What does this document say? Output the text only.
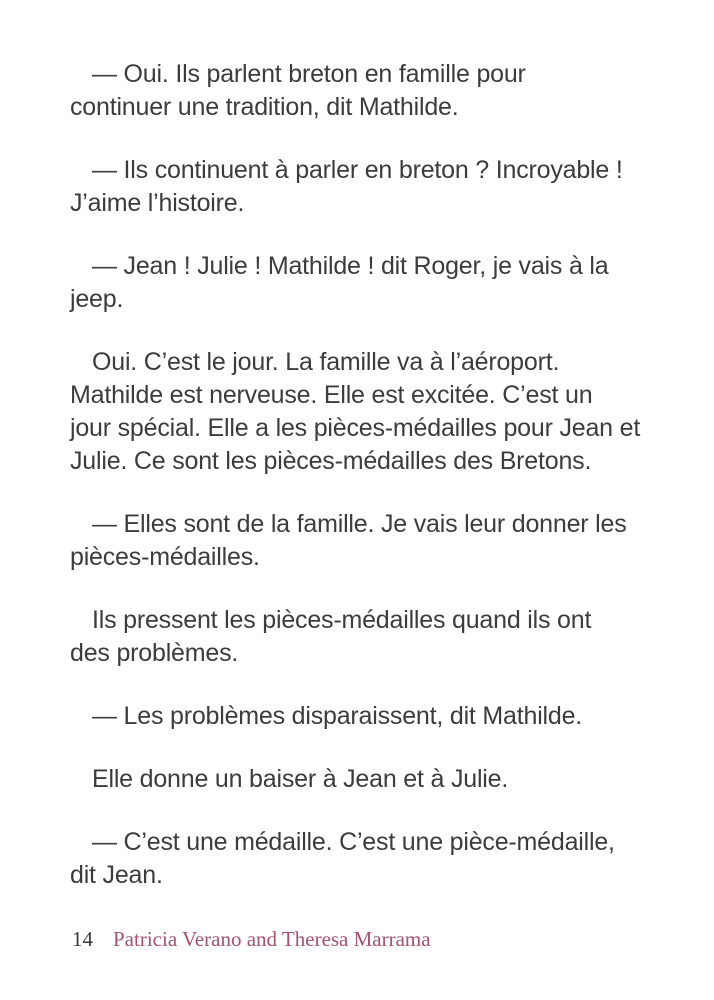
— Oui. Ils parlent breton en famille pour
continuer une tradition, dit Mathilde.

— Ils continuent à parler en breton ? Incroyable !
J’aime l’histoire.

— Jean ! Julie ! Mathilde ! dit Roger, je vais à la
jeep.

Oui. C’est le jour. La famille va à l’aéroport.
Mathilde est nerveuse. Elle est excitée. C’est un
jour spécial. Elle a les pièces-médailles pour Jean et
Julie. Ce sont les pièces-médailles des Bretons.

— Elles sont de la famille. Je vais leur donner les
pièces-médailles.

Ils pressent les pièces-médailles quand ils ont
des problèmes.

— Les problèmes disparaissent, dit Mathilde.

Elle donne un baiser à Jean et à Julie.

— C’est une médaille. C’est une pièce-médaille,
dit Jean.

14 Patricia Verano and Theresa Marrama
